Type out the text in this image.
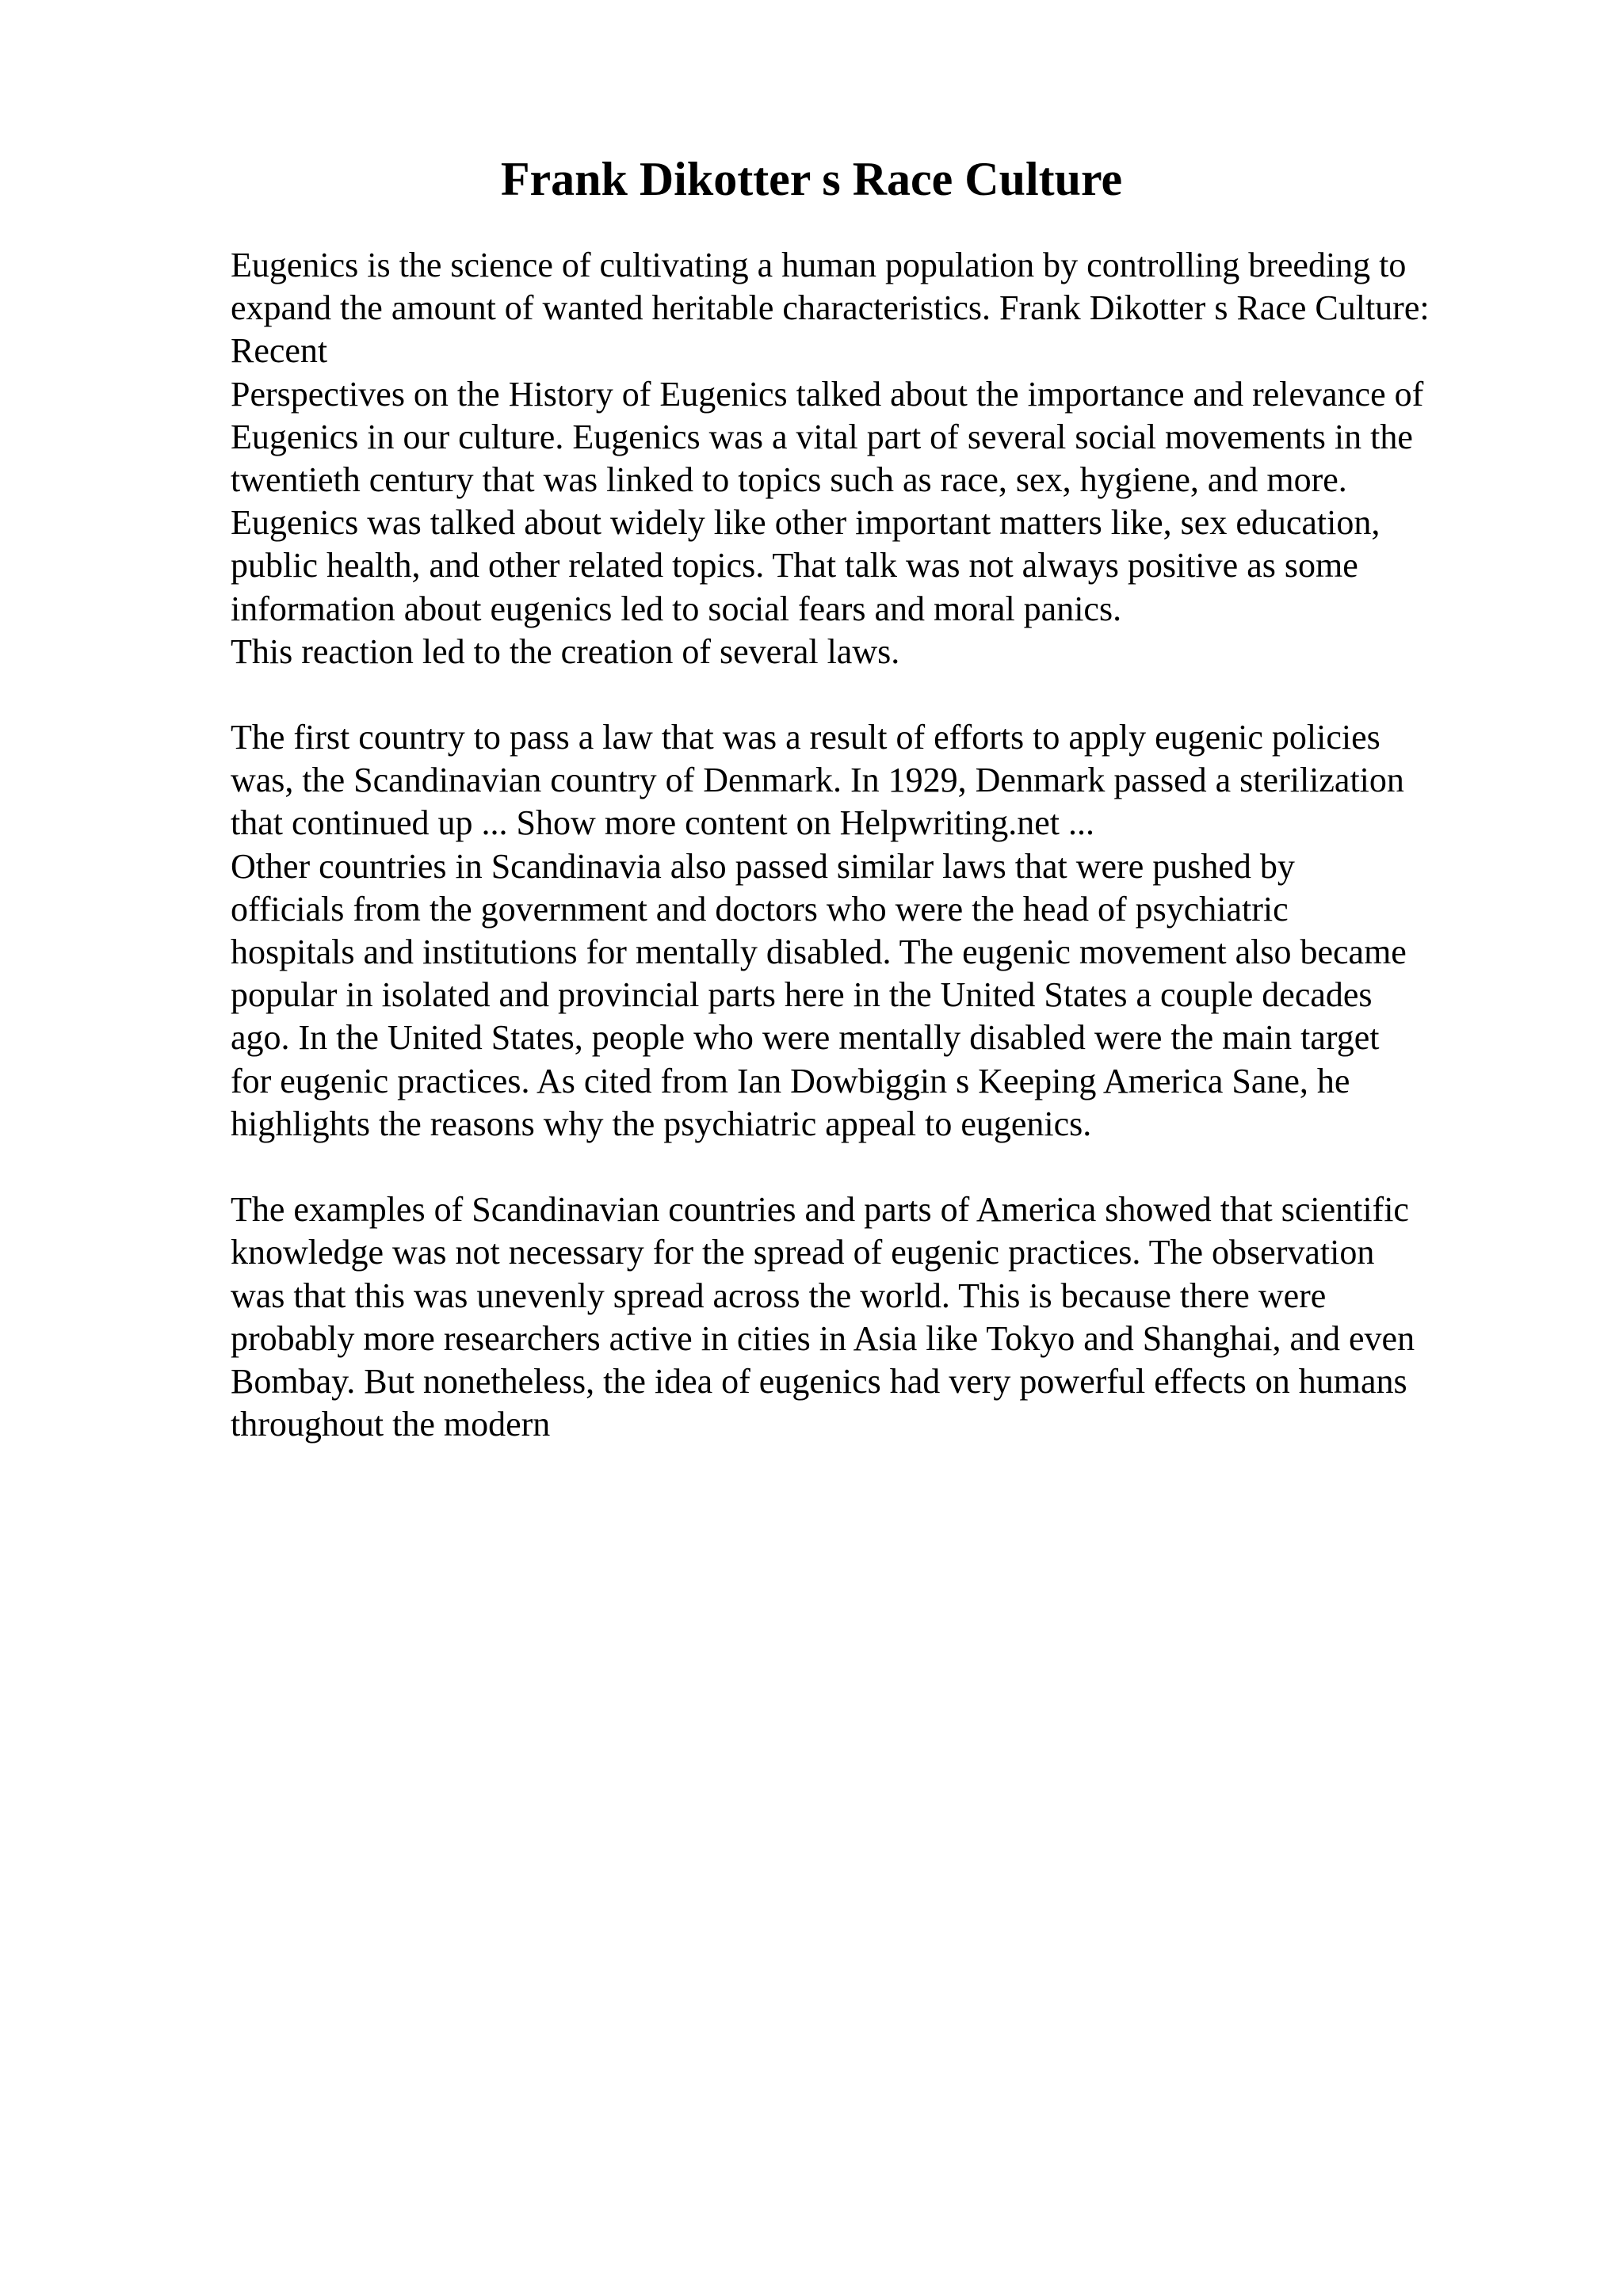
Frank Dikotter s Race Culture
Eugenics is the science of cultivating a human population by controlling breeding to
expand the amount of wanted heritable characteristics. Frank Dikotter s Race Culture:
Recent
Perspectives on the History of Eugenics talked about the importance and relevance of
Eugenics in our culture. Eugenics was a vital part of several social movements in the
twentieth century that was linked to topics such as race, sex, hygiene, and more.
Eugenics was talked about widely like other important matters like, sex education,
public health, and other related topics. That talk was not always positive as some
information about eugenics led to social fears and moral panics.
This reaction led to the creation of several laws.
The first country to pass a law that was a result of efforts to apply eugenic policies
was, the Scandinavian country of Denmark. In 1929, Denmark passed a sterilization
that continued up ... Show more content on Helpwriting.net ...
Other countries in Scandinavia also passed similar laws that were pushed by
officials from the government and doctors who were the head of psychiatric
hospitals and institutions for mentally disabled. The eugenic movement also became
popular in isolated and provincial parts here in the United States a couple decades
ago. In the United States, people who were mentally disabled were the main target
for eugenic practices. As cited from Ian Dowbiggin s Keeping America Sane, he
highlights the reasons why the psychiatric appeal to eugenics.
The examples of Scandinavian countries and parts of America showed that scientific
knowledge was not necessary for the spread of eugenic practices. The observation
was that this was unevenly spread across the world. This is because there were
probably more researchers active in cities in Asia like Tokyo and Shanghai, and even
Bombay. But nonetheless, the idea of eugenics had very powerful effects on humans
throughout the modern
